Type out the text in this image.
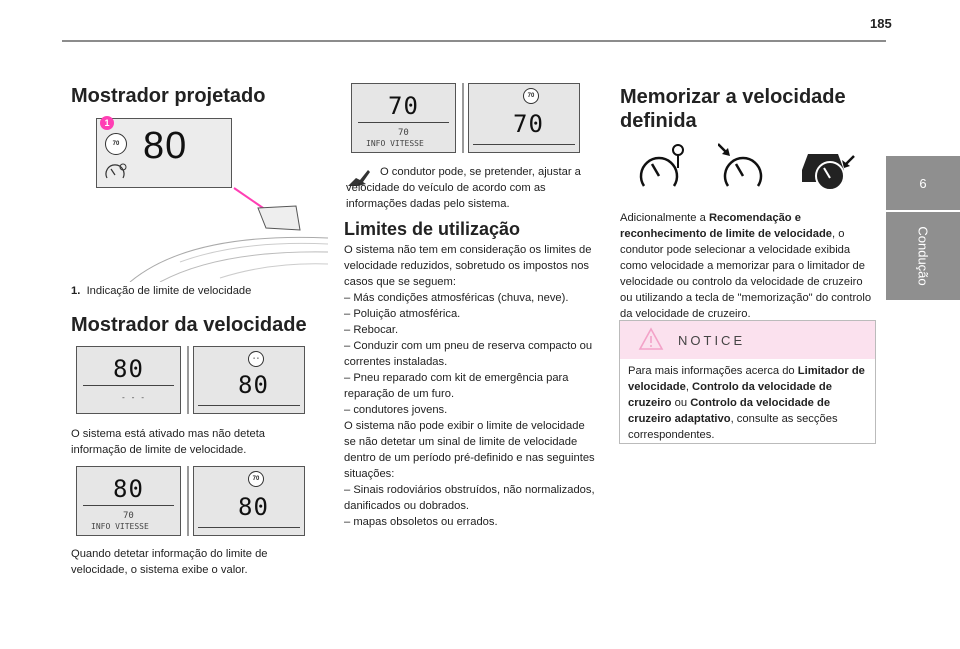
185
6
Condução
Mostrador projetado
70 80
1
1. Indicação de limite de velocidade
Mostrador da velocidade
80
- - -
- -
80
O sistema está ativado mas não deteta informação de limite de velocidade.
80
70
INFO VITESSE
70
80
Quando detetar informação do limite de velocidade, o sistema exibe o valor.
70
70
INFO VITESSE
70
70
O condutor pode, se pretender, ajustar a velocidade do veículo de acordo com as informações dadas pelo sistema.
Limites de utilização
O sistema não tem em consideração os limites de velocidade reduzidos, sobretudo os impostos nos casos que se seguem:
– Más condições atmosféricas (chuva, neve).
– Poluição atmosférica.
– Rebocar.
– Conduzir com um pneu de reserva compacto ou correntes instaladas.
– Pneu reparado com kit de emergência para reparação de um furo.
– condutores jovens.
O sistema não pode exibir o limite de velocidade se não detetar um sinal de limite de velocidade dentro de um período pré-definido e nas seguintes situações:
– Sinais rodoviários obstruídos, não normalizados, danificados ou dobrados.
– mapas obsoletos ou errados.
Memorizar a velocidade
definida
Adicionalmente a Recomendação e reconhecimento de limite de velocidade, o condutor pode selecionar a velocidade exibida como velocidade a memorizar para o limitador de velocidade ou controlo da velocidade de cruzeiro ou utilizando a tecla de "memorização" do controlo da velocidade de cruzeiro.
NOTICE
Para mais informações acerca do Limitador de velocidade, Controlo da velocidade de cruzeiro ou Controlo da velocidade de cruzeiro adaptativo, consulte as secções correspondentes.
